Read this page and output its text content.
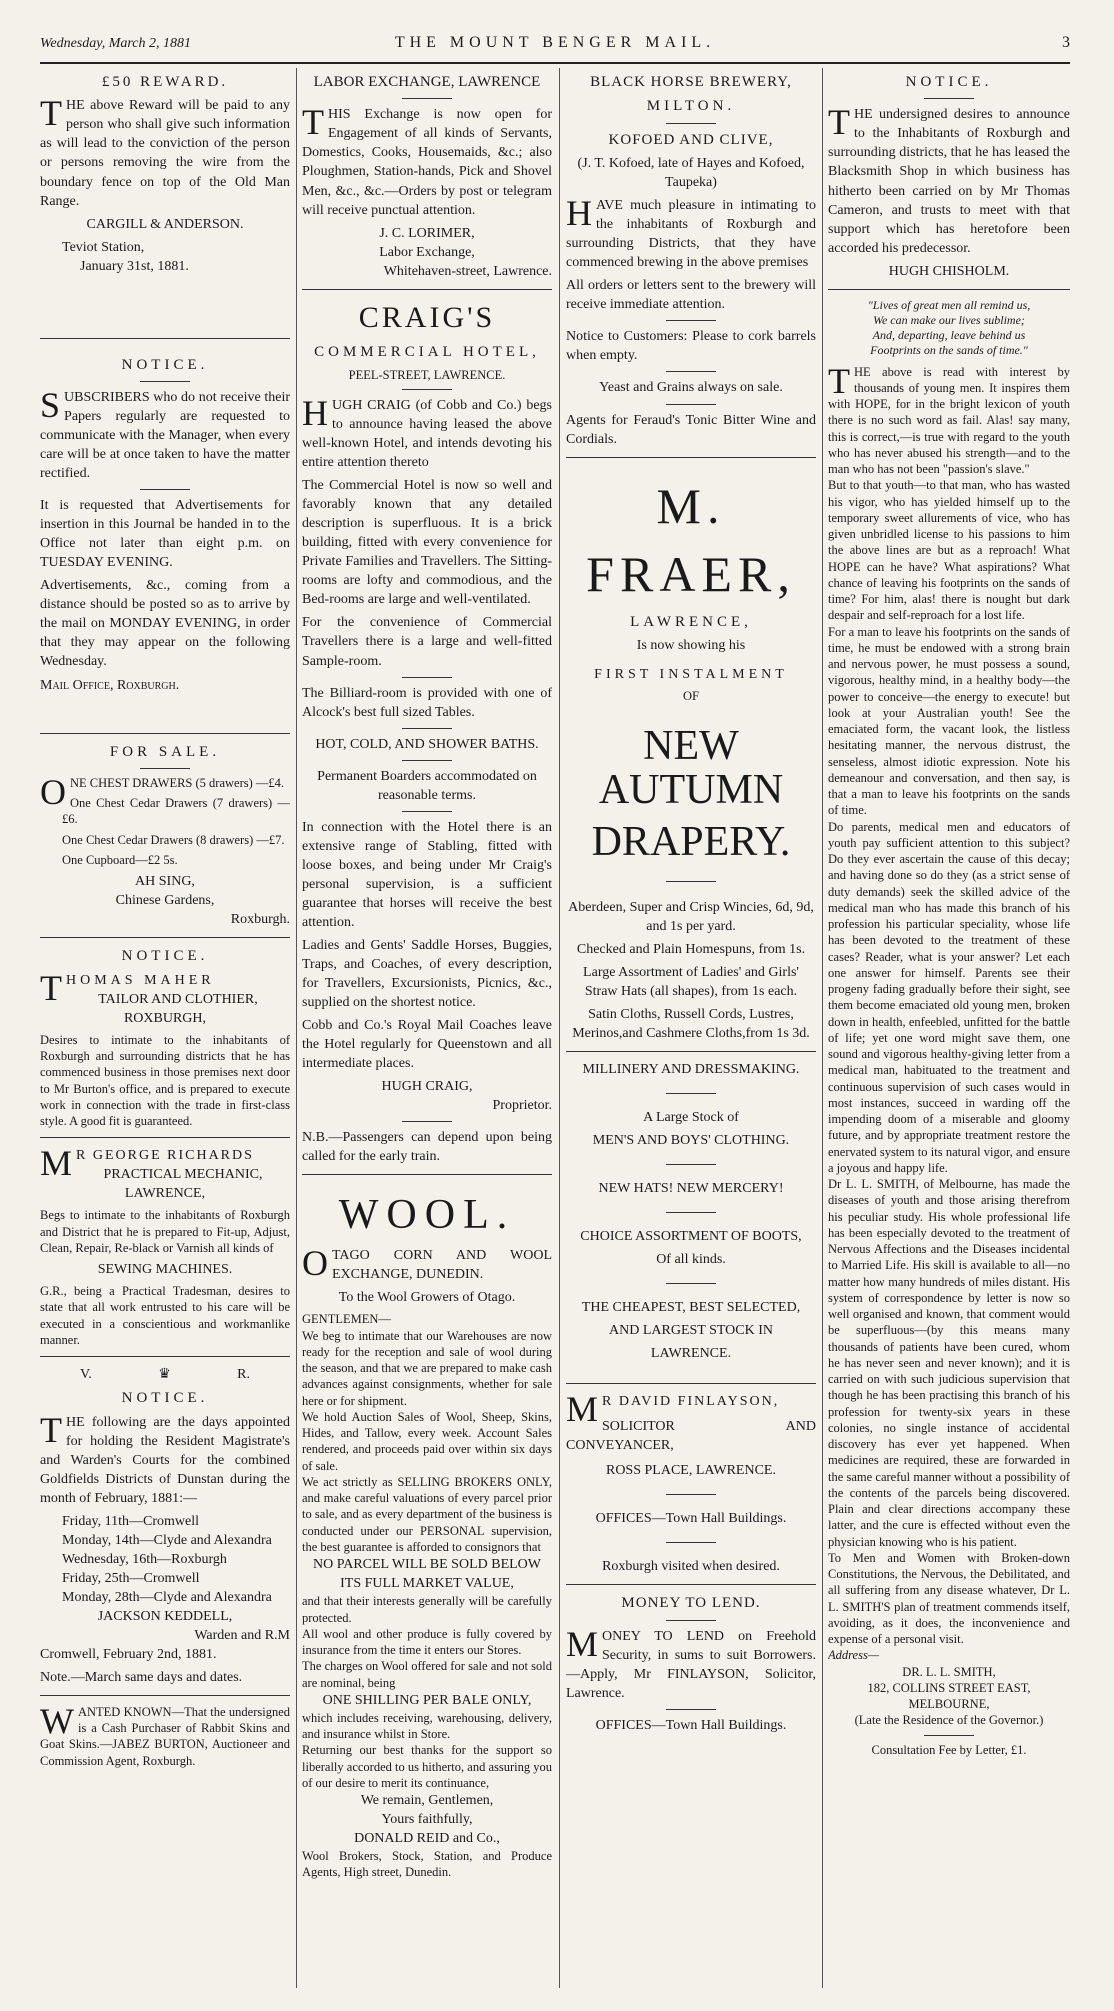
Wednesday, March 2, 1881	THE MOUNT BENGER MAIL.	3
£50 REWARD.

THE above Reward will be paid to any person who shall give such information as will lead to the conviction of the person or persons removing the wire from the boundary fence on top of the Old Man Range.

CARGILL & ANDERSON.

Teviot Station,

January 31st, 1881.

NOTICE.

SUBSCRIBERS who do not receive their Papers regularly are requested to communicate with the Manager, when every care will be at once taken to have the matter rectified.

It is requested that Advertisements for insertion in this Journal be handed in to the Office not later than eight p.m. on TUESDAY EVENING.

Advertisements, &c., coming from a distance should be posted so as to arrive by the mail on MONDAY EVENING, in order that they may appear on the following Wednesday.

Mail Office, Roxburgh.

FOR SALE.

ONE CHEST DRAWERS (5 drawers) —£4.

One Chest Cedar Drawers (7 drawers) —£6.

One Chest Cedar Drawers (8 drawers) —£7.

One Cupboard—£2 5s.

AH SING,

Chinese Gardens,

Roxburgh.

NOTICE.

THOMAS MAHER

TAILOR AND CLOTHIER,

ROXBURGH,

Desires to intimate to the inhabitants of Roxburgh and surrounding districts that he has commenced business in those premises next door to Mr Burton's office, and is prepared to execute work in connection with the trade in first-class style. A good fit is guaranteed.

M R GEORGE RICHARDS

PRACTICAL MECHANIC,

LAWRENCE,

Begs to intimate to the inhabitants of Roxburgh and District that he is prepared to Fit-up, Adjust, Clean, Repair, Re-black or Varnish all kinds of

SEWING MACHINES.

G.R., being a Practical Tradesman, desires to state that all work entrusted to his care will be executed in a conscientious and workmanlike manner.

V.	♛	R.
NOTICE.

THE following are the days appointed for holding the Resident Magistrate's and Warden's Courts for the combined Goldfields Districts of Dunstan during the month of February, 1881:—

Friday, 11th—Cromwell

Monday, 14th—Clyde and Alexandra

Wednesday, 16th—Roxburgh

Friday, 25th—Cromwell

Monday, 28th—Clyde and Alexandra

JACKSON KEDDELL,

Warden and R.M

Cromwell, February 2nd, 1881.

Note.—March same days and dates.

WANTED KNOWN—That the undersigned is a Cash Purchaser of Rabbit Skins and Goat Skins.—JABEZ BURTON, Auctioneer and Commission Agent, Roxburgh.

LABOR EXCHANGE, LAWRENCE

THIS Exchange is now open for Engagement of all kinds of Servants, Domestics, Cooks, Housemaids, &c.; also Ploughmen, Station-hands, Pick and Shovel Men, &c., &c.—Orders by post or telegram will receive punctual attention.

J. C. LORIMER,

Labor Exchange,

Whitehaven-street, Lawrence.

CRAIG'S
COMMERCIAL HOTEL,
PEEL-STREET, LAWRENCE.

HUGH CRAIG (of Cobb and Co.) begs to announce having leased the above well-known Hotel, and intends devoting his entire attention thereto

The Commercial Hotel is now so well and favorably known that any detailed description is superfluous. It is a brick building, fitted with every convenience for Private Families and Travellers. The Sitting-rooms are lofty and commodious, and the Bed-rooms are large and well-ventilated.

For the convenience of Commercial Travellers there is a large and well-fitted Sample-room.

The Billiard-room is provided with one of Alcock's best full sized Tables.

HOT, COLD, AND SHOWER BATHS.

Permanent Boarders accommodated on reasonable terms.

In connection with the Hotel there is an extensive range of Stabling, fitted with loose boxes, and being under Mr Craig's personal supervision, is a sufficient guarantee that horses will receive the best attention.

Ladies and Gents' Saddle Horses, Buggies, Traps, and Coaches, of every description, for Travellers, Excursionists, Picnics, &c., supplied on the shortest notice.

Cobb and Co.'s Royal Mail Coaches leave the Hotel regularly for Queenstown and all intermediate places.

HUGH CRAIG,

Proprietor.

N.B.—Passengers can depend upon being called for the early train.

WOOL.

OTAGO CORN AND WOOL EXCHANGE, DUNEDIN.

To the Wool Growers of Otago.

GENTLEMEN—

We beg to intimate that our Warehouses are now ready for the reception and sale of wool during the season, and that we are prepared to make cash advances against consignments, whether for sale here or for shipment.

We hold Auction Sales of Wool, Sheep, Skins, Hides, and Tallow, every week. Account Sales rendered, and proceeds paid over within six days of sale.

We act strictly as SELLING BROKERS ONLY, and make careful valuations of every parcel prior to sale, and as every department of the business is conducted under our PERSONAL supervision, the best guarantee is afforded to consignors that

NO PARCEL WILL BE SOLD BELOW ITS FULL MARKET VALUE,

and that their interests generally will be carefully protected.

All wool and other produce is fully covered by insurance from the time it enters our Stores.

The charges on Wool offered for sale and not sold are nominal, being

ONE SHILLING PER BALE ONLY,

which includes receiving, warehousing, delivery, and insurance whilst in Store.

Returning our best thanks for the support so liberally accorded to us hitherto, and assuring you of our desire to merit its continuance,

We remain, Gentlemen,

Yours faithfully,

DONALD REID and Co.,

Wool Brokers, Stock, Station, and Produce Agents, High street, Dunedin.

BLACK HORSE BREWERY,
MILTON.
KOFOED AND CLIVE,

(J. T. Kofoed, late of Hayes and Kofoed, Taupeka)

HAVE much pleasure in intimating to the inhabitants of Roxburgh and surrounding Districts, that they have commenced brewing in the above premises

All orders or letters sent to the brewery will receive immediate attention.

Notice to Customers: Please to cork barrels when empty.

Yeast and Grains always on sale.

Agents for Feraud's Tonic Bitter Wine and Cordials.

M. FRAER,
LAWRENCE,

Is now showing his

FIRST INSTALMENT

OF

NEW AUTUMN
DRAPERY.

Aberdeen, Super and Crisp Wincies, 6d, 9d, and 1s per yard.

Checked and Plain Homespuns, from 1s.

Large Assortment of Ladies' and Girls' Straw Hats (all shapes), from 1s each.

Satin Cloths, Russell Cords, Lustres,

Merinos,and Cashmere Cloths,from 1s 3d.

MILLINERY AND DRESSMAKING.

A Large Stock of

MEN'S AND BOYS' CLOTHING.

NEW HATS! NEW MERCERY!

CHOICE ASSORTMENT OF BOOTS,

Of all kinds.

THE CHEAPEST, BEST SELECTED,

AND LARGEST STOCK IN

LAWRENCE.

M R DAVID FINLAYSON,

SOLICITOR AND CONVEYANCER,

ROSS PLACE, LAWRENCE.

OFFICES—Town Hall Buildings.

Roxburgh visited when desired.

MONEY TO LEND.

MONEY TO LEND on Freehold Security, in sums to suit Borrowers.—Apply, Mr FINLAYSON, Solicitor, Lawrence.

OFFICES—Town Hall Buildings.

NOTICE.

THE undersigned desires to announce to the Inhabitants of Roxburgh and surrounding districts, that he has leased the Blacksmith Shop in which business has hitherto been carried on by Mr Thomas Cameron, and trusts to meet with that support which has heretofore been accorded his predecessor.

HUGH CHISHOLM.

"Lives of great men all remind us,
We can make our lives sublime;
And, departing, leave behind us
Footprints on the sands of time."

THE above is read with interest by thousands of young men. It inspires them with HOPE, for in the bright lexicon of youth there is no such word as fail. Alas! say many, this is correct,—is true with regard to the youth who has never abused his strength—and to the man who has not been "passion's slave."

But to that youth—to that man, who has wasted his vigor, who has yielded himself up to the temporary sweet allurements of vice, who has given unbridled license to his passions to him the above lines are but as a reproach! What HOPE can he have? What aspirations? What chance of leaving his footprints on the sands of time? For him, alas! there is nought but dark despair and self-reproach for a lost life.

For a man to leave his footprints on the sands of time, he must be endowed with a strong brain and nervous power, he must possess a sound, vigorous, healthy mind, in a healthy body—the power to conceive—the energy to execute! but look at your Australian youth! See the emaciated form, the vacant look, the listless hesitating manner, the nervous distrust, the senseless, almost idiotic expression. Note his demeanour and conversation, and then say, is that a man to leave his footprints on the sands of time.

Do parents, medical men and educators of youth pay sufficient attention to this subject? Do they ever ascertain the cause of this decay; and having done so do they (as a strict sense of duty demands) seek the skilled advice of the medical man who has made this branch of his profession his particular speciality, whose life has been devoted to the treatment of these cases? Reader, what is your answer? Let each one answer for himself. Parents see their progeny fading gradually before their sight, see them become emaciated old young men, broken down in health, enfeebled, unfitted for the battle of life; yet one word might save them, one sound and vigorous healthy-giving letter from a medical man, habituated to the treatment and continuous supervision of such cases would in most instances, succeed in warding off the impending doom of a miserable and gloomy future, and by appropriate treatment restore the enervated system to its natural vigor, and ensure a joyous and happy life.

Dr L. L. SMITH, of Melbourne, has made the diseases of youth and those arising therefrom his peculiar study. His whole professional life has been especially devoted to the treatment of Nervous Affections and the Diseases incidental to Married Life. His skill is available to all—no matter how many hundreds of miles distant. His system of correspondence by letter is now so well organised and known, that comment would be superfluous—(by this means many thousands of patients have been cured, whom he has never seen and never known); and it is carried on with such judicious supervision that though he has been practising this branch of his profession for twenty-six years in these colonies, no single instance of accidental discovery has ever yet happened. When medicines are required, these are forwarded in the same careful manner without a possibility of the contents of the parcels being discovered. Plain and clear directions accompany these latter, and the cure is effected without even the physician knowing who is his patient.

To Men and Women with Broken-down Constitutions, the Nervous, the Debilitated, and all suffering from any disease whatever, Dr L. L. SMITH'S plan of treatment commends itself, avoiding, as it does, the inconvenience and expense of a personal visit.

Address—

DR. L. L. SMITH,

182, COLLINS STREET EAST,

MELBOURNE,

(Late the Residence of the Governor.)

Consultation Fee by Letter, £1.
